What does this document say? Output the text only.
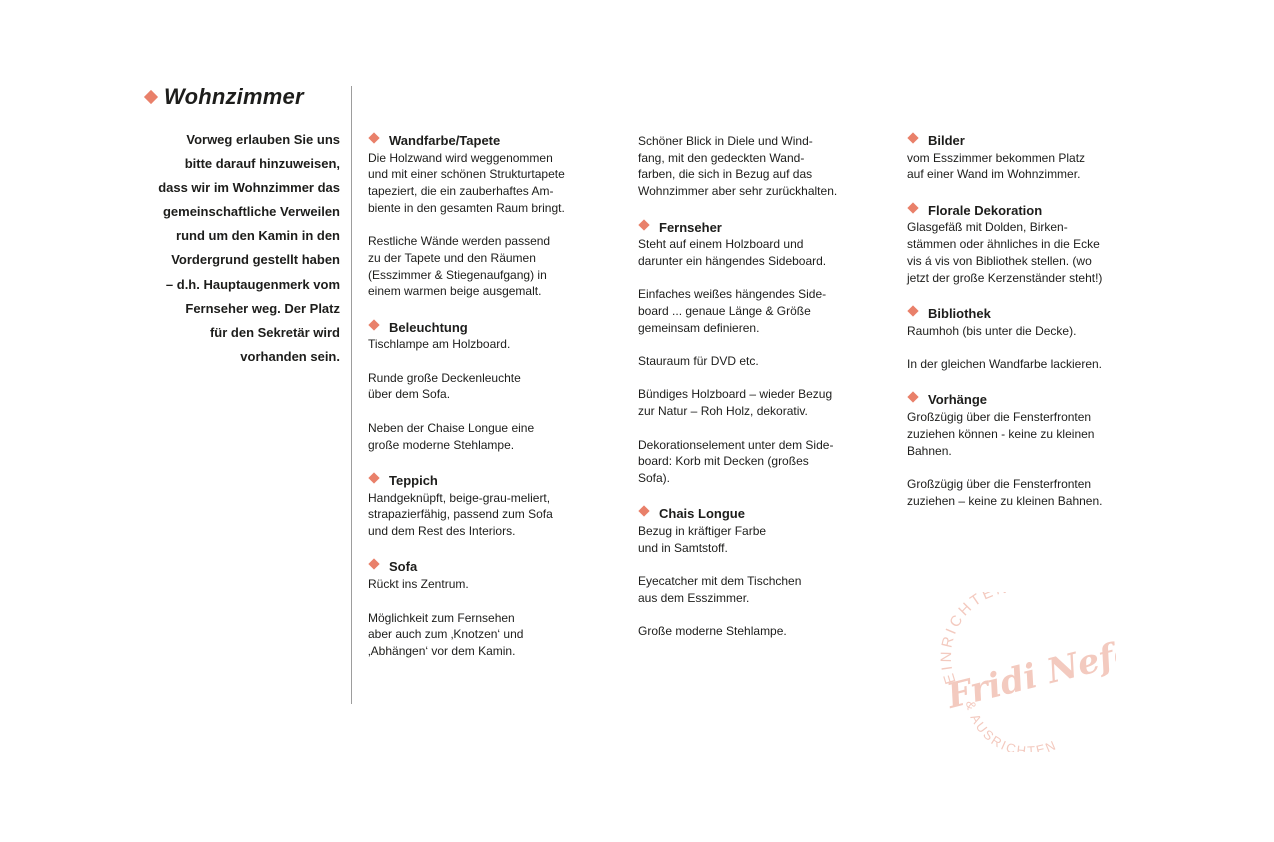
Wohnzimmer
Vorweg erlauben Sie uns
bitte darauf hinzuweisen,
dass wir im Wohnzimmer das
gemeinschaftliche Verweilen
rund um den Kamin in den
Vordergrund gestellt haben
– d.h. Hauptaugenmerk vom
Fernseher weg. Der Platz
für den Sekretär wird
vorhanden sein.
Wandfarbe/Tapete

Die Holzwand wird weggenommen
und mit einer schönen Strukturtapete
tapeziert, die ein zauberhaftes Am-
biente in den gesamten Raum bringt.

Restliche Wände werden passend
zu der Tapete und den Räumen
(Esszimmer & Stiegenaufgang) in
einem warmen beige ausgemalt.

Beleuchtung

Tischlampe am Holzboard.

Runde große Deckenleuchte
über dem Sofa.

Neben der Chaise Longue eine
große moderne Stehlampe.

Teppich

Handgeknüpft, beige-grau-meliert,
strapazierfähig, passend zum Sofa
und dem Rest des Interiors.

Sofa

Rückt ins Zentrum.

Möglichkeit zum Fernsehen
aber auch zum ‚Knotzen‘ und
‚Abhängen‘ vor dem Kamin.

Schöner Blick in Diele und Wind-
fang, mit den gedeckten Wand-
farben, die sich in Bezug auf das
Wohnzimmer aber sehr zurückhalten.

Fernseher

Steht auf einem Holzboard und
darunter ein hängendes Sideboard.

Einfaches weißes hängendes Side-
board ... genaue Länge & Größe
gemeinsam definieren.

Stauraum für DVD etc.

Bündiges Holzboard – wieder Bezug
zur Natur – Roh Holz, dekorativ.

Dekorationselement unter dem Side-
board: Korb mit Decken (großes
Sofa).

Chais Longue

Bezug in kräftiger Farbe
und in Samtstoff.

Eyecatcher mit dem Tischchen
aus dem Esszimmer.

Große moderne Stehlampe.

Bilder

vom Esszimmer bekommen Platz
auf einer Wand im Wohnzimmer.

Florale Dekoration

Glasgefäß mit Dolden, Birken-
stämmen oder ähnliches in die Ecke
vis á vis von Bibliothek stellen. (wo
jetzt der große Kerzenständer steht!)

Bibliothek

Raumhoh (bis unter die Decke).

In der gleichen Wandfarbe lackieren.

Vorhänge

Großzügig über die Fensterfronten
zuziehen können - keine zu kleinen
Bahnen.

Großzügig über die Fensterfronten
zuziehen – keine zu kleinen Bahnen.

EINRICHTE
Fridi Nefe
& AUSRICHTEN
